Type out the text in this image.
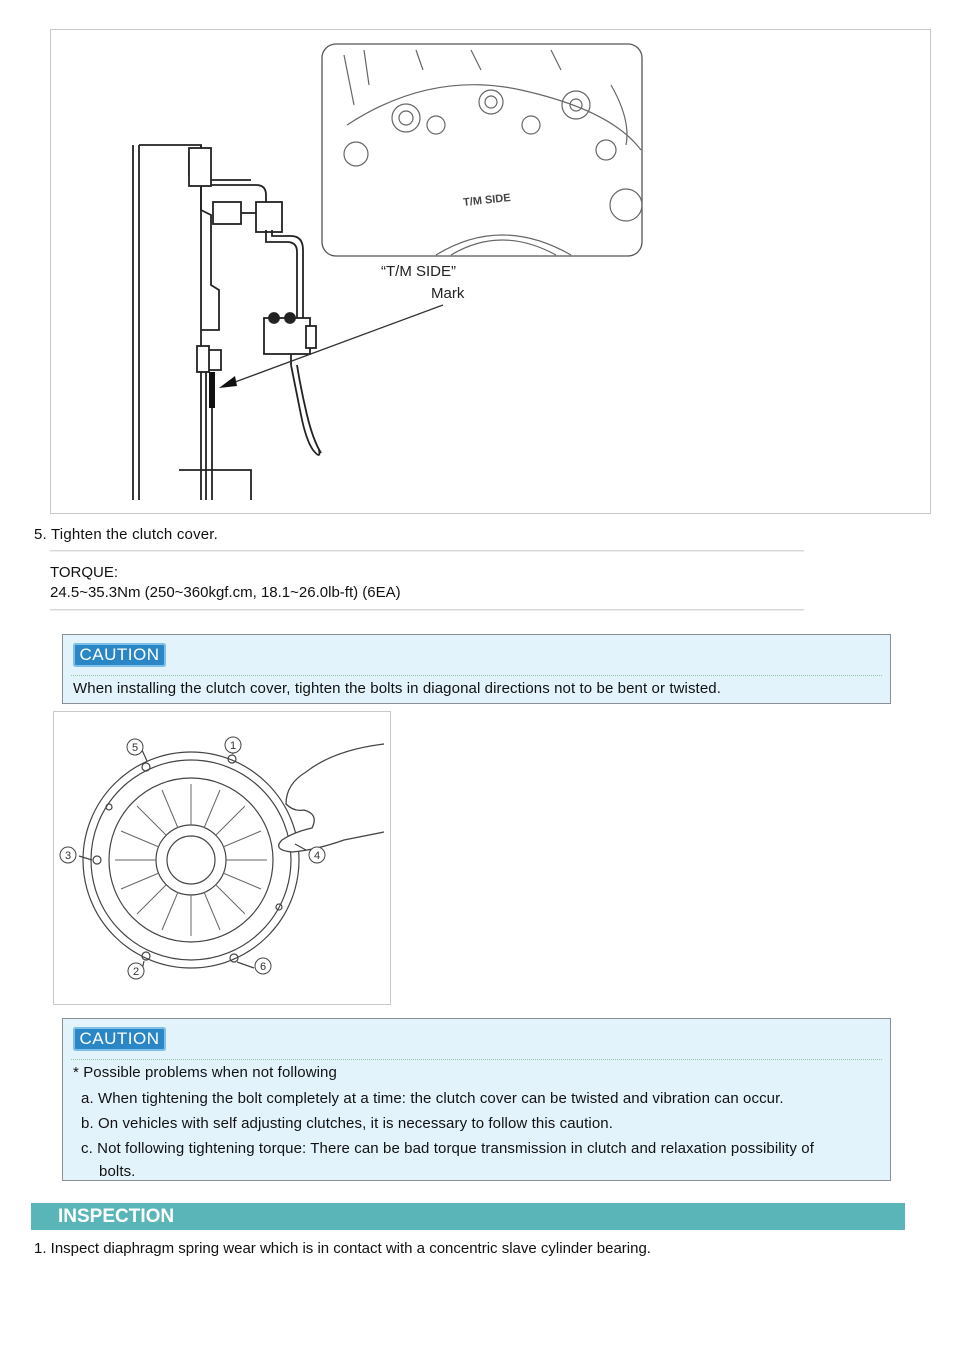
T/M SIDE
“T/M SIDE”
Mark
5. Tighten the clutch cover.
TORQUE:
24.5~35.3Nm (250~360kgf.cm, 18.1~26.0lb-ft) (6EA)
CAUTION
When installing the clutch cover, tighten the bolts in diagonal directions not to be bent or twisted.
1
2
3	4
5
6
CAUTION
* Possible problems when not following
a. When tightening the bolt completely at a time: the clutch cover can be twisted and vibration can occur.
b. On vehicles with self adjusting clutches, it is necessary to follow this caution.
c. Not following tightening torque: There can be bad torque transmission in clutch and relaxation possibility of
bolts.
INSPECTION
1. Inspect diaphragm spring wear which is in contact with a concentric slave cylinder bearing.
